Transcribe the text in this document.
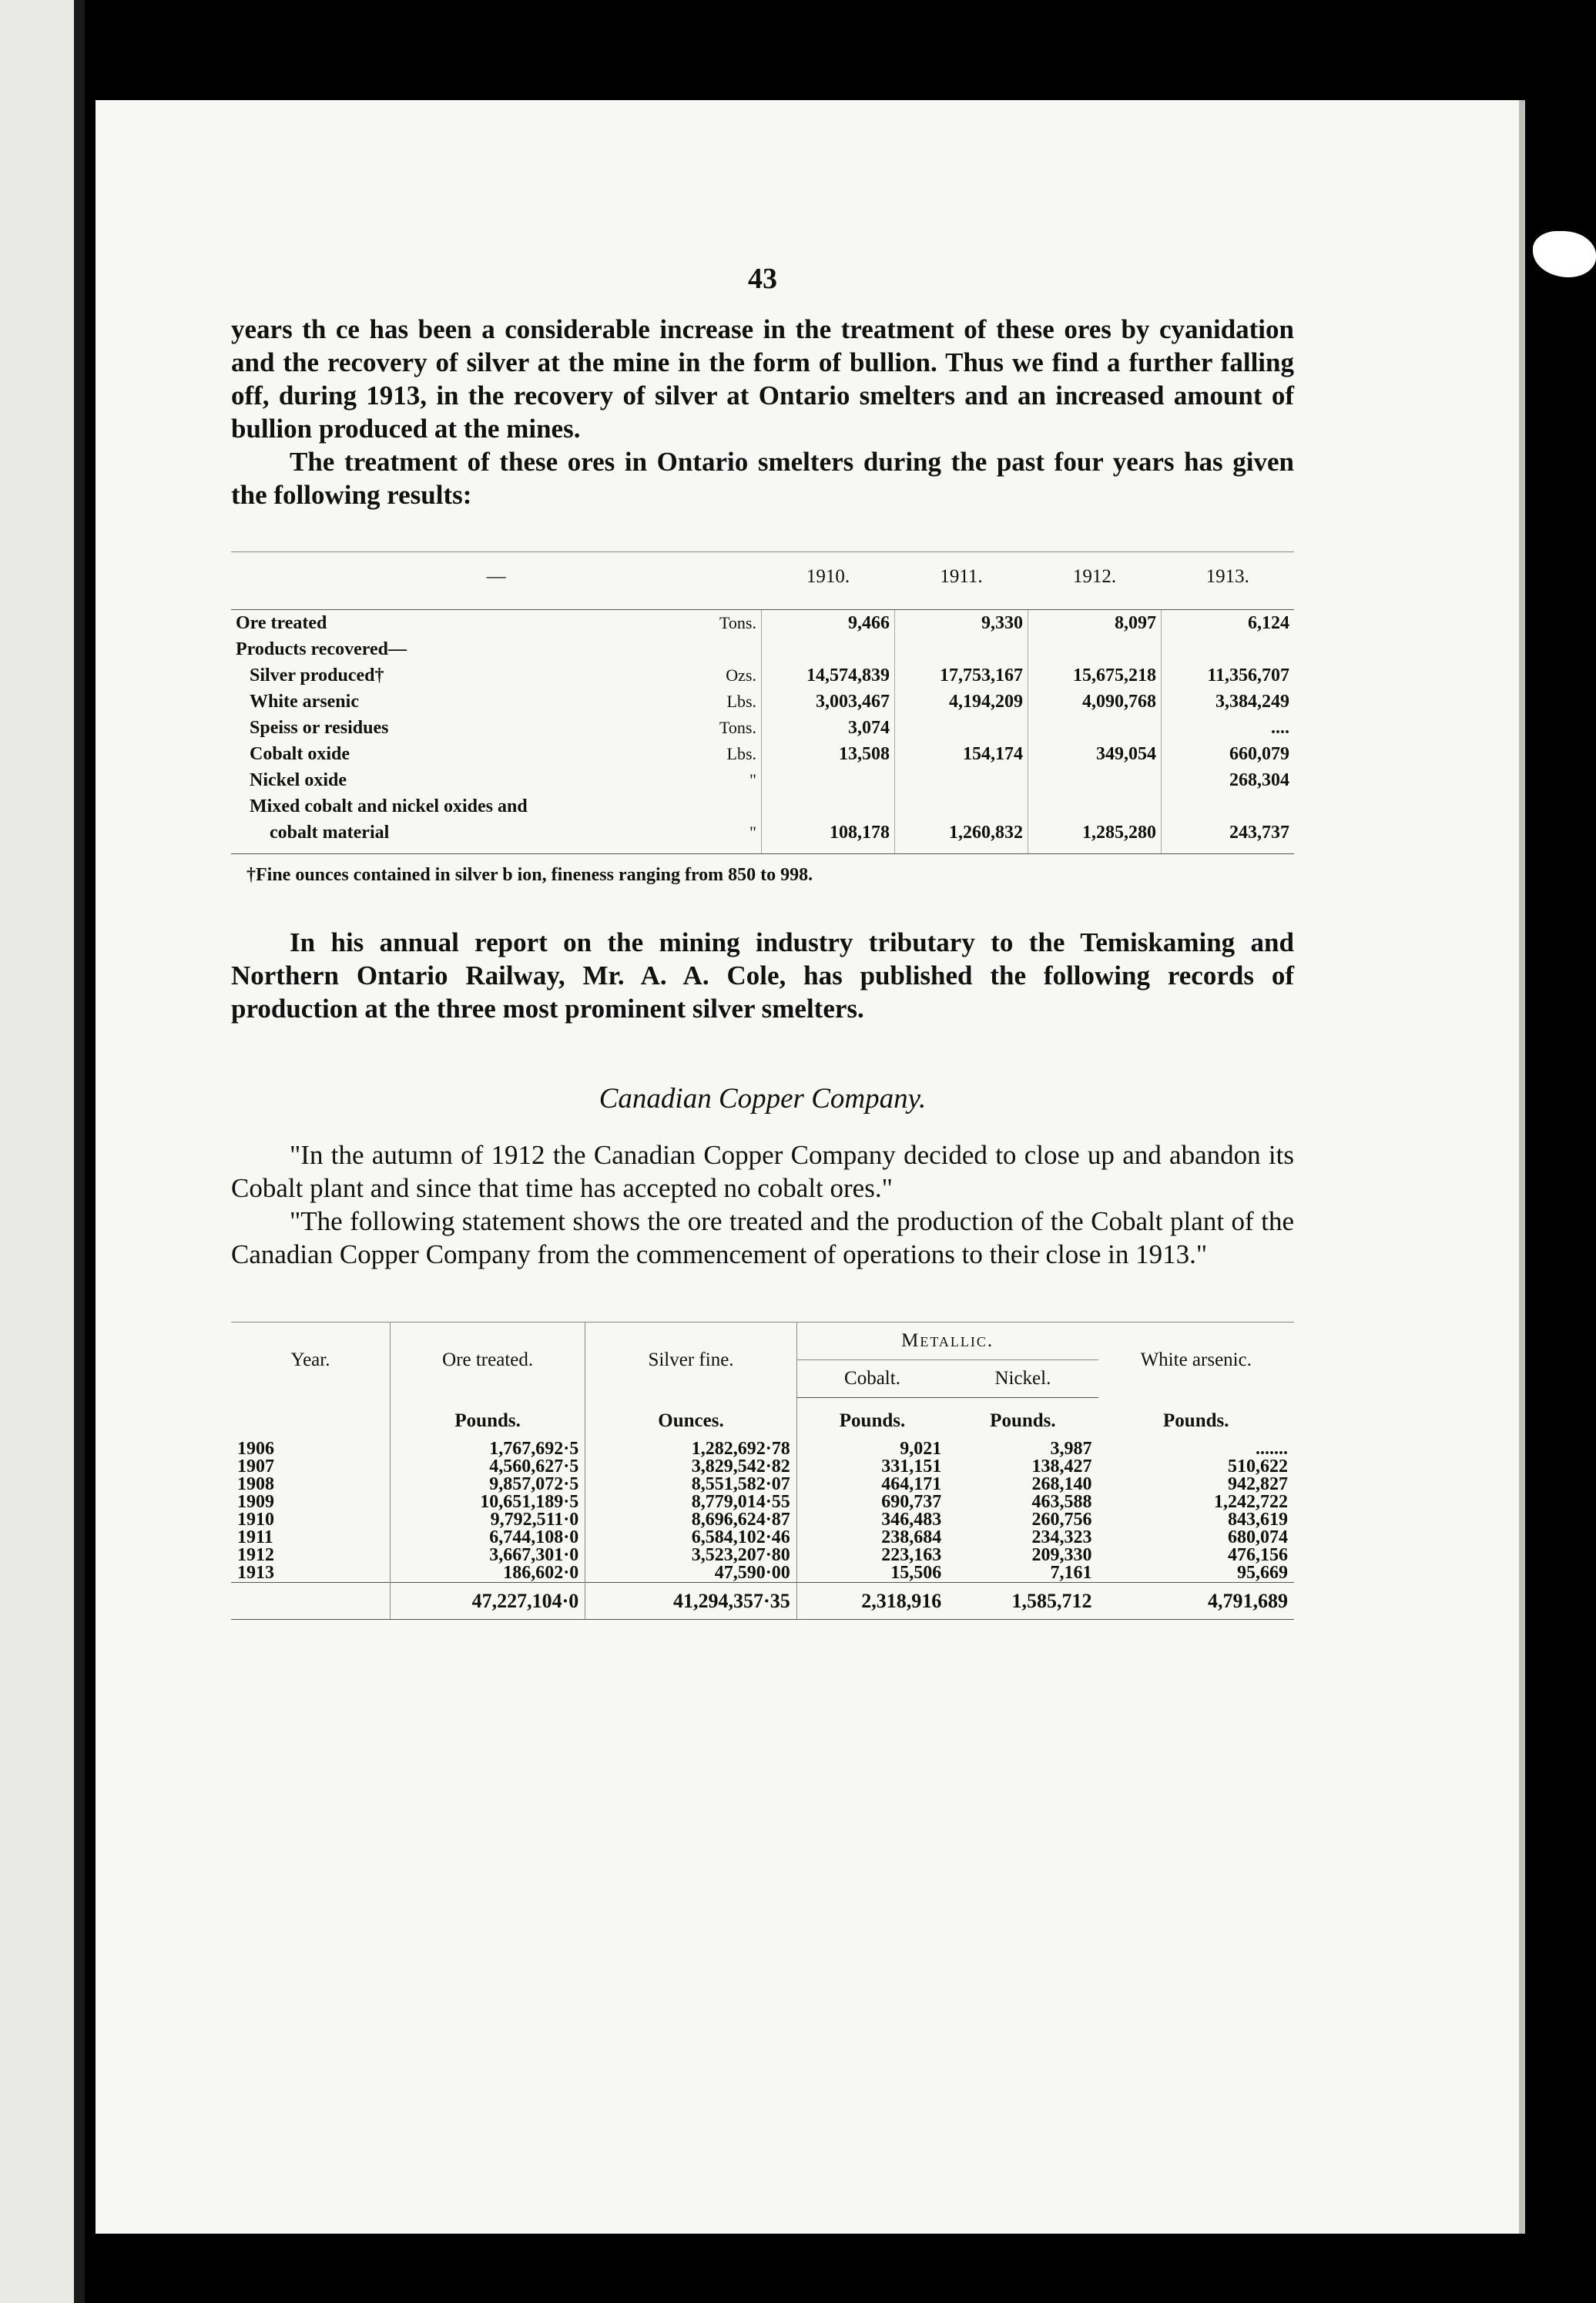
43

years th ce has been a considerable increase in the treatment of these ores by cyanidation and the recovery of silver at the mine in the form of bullion. Thus we find a further falling off, during 1913, in the recovery of silver at Ontario smelters and an increased amount of bullion produced at the mines.

The treatment of these ores in Ontario smelters during the past four years has given the following results:

—		1910.	1911.	1912.	1913.
Ore treated	Tons.	9,466	9,330	8,097	6,124
Products recovered—					
Silver produced†	Ozs.	14,574,839	17,753,167	15,675,218	11,356,707
White arsenic	Lbs.	3,003,467	4,194,209	4,090,768	3,384,249
Speiss or residues	Tons.	3,074			....
Cobalt oxide	Lbs.	13,508	154,174	349,054	660,079
Nickel oxide	"				268,304
Mixed cobalt and nickel oxides and					
cobalt material	"	108,178	1,260,832	1,285,280	243,737
†Fine ounces contained in silver b ion, fineness ranging from 850 to 998.

In his annual report on the mining industry tributary to the Temiskaming and Northern Ontario Railway, Mr. A. A. Cole, has published the following records of production at the three most prominent silver smelters.

Canadian Copper Company.

"In the autumn of 1912 the Canadian Copper Company decided to close up and abandon its Cobalt plant and since that time has accepted no cobalt ores."

"The following statement shows the ore treated and the production of the Cobalt plant of the Canadian Copper Company from the commencement of operations to their close in 1913."

Year.	Ore treated.	Silver fine.	Metallic.		White arsenic.
			Cobalt.	Nickel.	
	Pounds.	Ounces.	Pounds.	Pounds.	Pounds.
1906	1,767,692·5	1,282,692·78	9,021	3,987	.......
1907	4,560,627·5	3,829,542·82	331,151	138,427	510,622
1908	9,857,072·5	8,551,582·07	464,171	268,140	942,827
1909	10,651,189·5	8,779,014·55	690,737	463,588	1,242,722
1910	9,792,511·0	8,696,624·87	346,483	260,756	843,619
1911	6,744,108·0	6,584,102·46	238,684	234,323	680,074
1912	3,667,301·0	3,523,207·80	223,163	209,330	476,156
1913	186,602·0	47,590·00	15,506	7,161	95,669
	47,227,104·0	41,294,357·35	2,318,916	1,585,712	4,791,689
